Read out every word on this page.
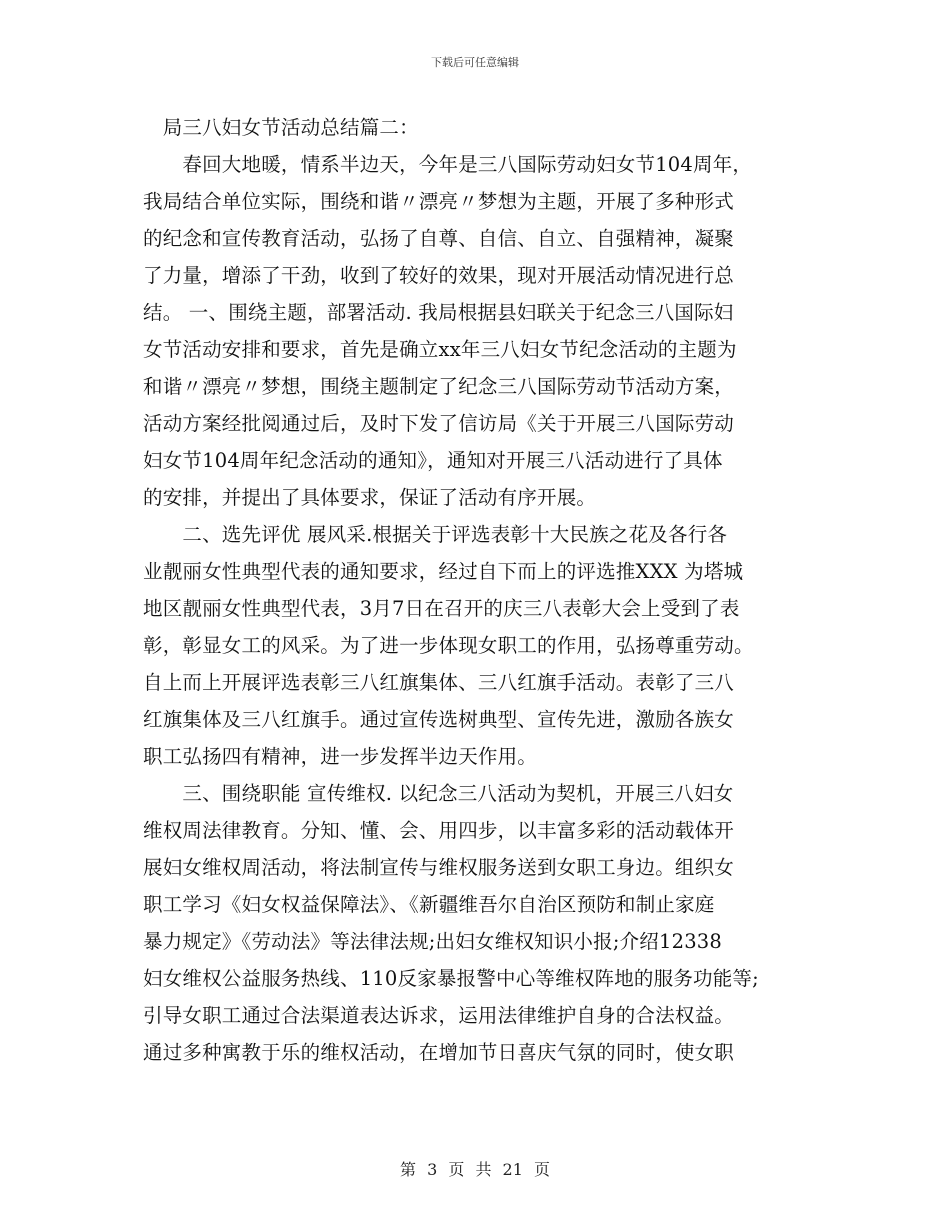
下载后可任意编辑
　局三八妇女节活动总结篇二：
　　春回大地暖，情系半边天，今年是三八国际劳动妇女节104周年，
我局结合单位实际，围绕和谐〃漂亮〃梦想为主题，开展了多种形式
的纪念和宣传教育活动，弘扬了自尊、自信、自立、自强精神，凝聚
了力量，增添了干劲，收到了较好的效果，现对开展活动情况进行总
结。 一、围绕主题，部署活动. 我局根据县妇联关于纪念三八国际妇
女节活动安排和要求，首先是确立xx年三八妇女节纪念活动的主题为
和谐〃漂亮〃梦想，围绕主题制定了纪念三八国际劳动节活动方案，
活动方案经批阅通过后，及时下发了信访局《关于开展三八国际劳动
妇女节104周年纪念活动的通知》，通知对开展三八活动进行了具体
的安排，并提出了具体要求，保证了活动有序开展。
　　二、选先评优 展风采.根据关于评选表彰十大民族之花及各行各
业靓丽女性典型代表的通知要求，经过自下而上的评选推XXX 为塔城
地区靓丽女性典型代表，3月7日在召开的庆三八表彰大会上受到了表
彰，彰显女工的风采。为了进一步体现女职工的作用，弘扬尊重劳动。
自上而上开展评选表彰三八红旗集体、三八红旗手活动。表彰了三八
红旗集体及三八红旗手。通过宣传选树典型、宣传先进，激励各族女
职工弘扬四有精神，进一步发挥半边天作用。
　　三、围绕职能 宣传维权. 以纪念三八活动为契机，开展三八妇女
维权周法律教育。分知、懂、会、用四步，以丰富多彩的活动载体开
展妇女维权周活动，将法制宣传与维权服务送到女职工身边。组织女
职工学习《妇女权益保障法》、《新疆维吾尔自治区预防和制止家庭
暴力规定》《劳动法》等法律法规;出妇女维权知识小报;介绍12338
妇女维权公益服务热线、110反家暴报警中心等维权阵地的服务功能等;
引导女职工通过合法渠道表达诉求，运用法律维护自身的合法权益。
通过多种寓教于乐的维权活动，在增加节日喜庆气氛的同时，使女职
第 3 页 共 21 页
